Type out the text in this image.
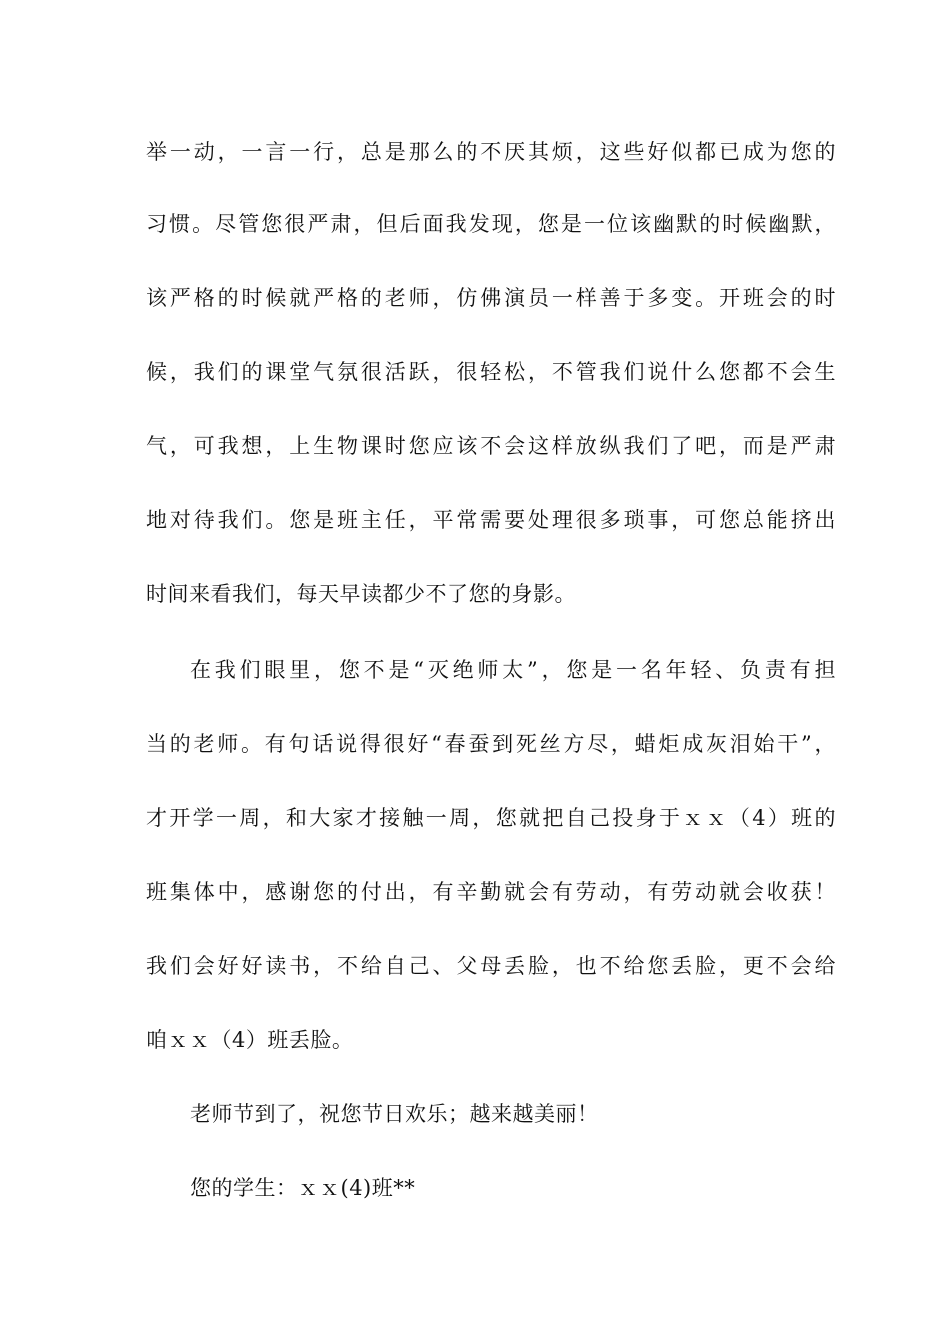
举一动，一言一行，总是那么的不厌其烦，这些好似都已成为您的
习惯。尽管您很严肃，但后面我发现，您是一位该幽默的时候幽默，
该严格的时候就严格的老师，仿佛演员一样善于多变。开班会的时
候，我们的课堂气氛很活跃，很轻松，不管我们说什么您都不会生
气，可我想，上生物课时您应该不会这样放纵我们了吧，而是严肃
地对待我们。您是班主任，平常需要处理很多琐事，可您总能挤出
时间来看我们，每天早读都少不了您的身影。
在我们眼里，您不是“灭绝师太”，您是一名年轻、负责有担
当的老师。有句话说得很好“春蚕到死丝方尽，蜡炬成灰泪始干”，
才开学一周，和大家才接触一周，您就把自己投身于ｘｘ（4）班的
班集体中，感谢您的付出，有辛勤就会有劳动，有劳动就会收获！
我们会好好读书，不给自己、父母丢脸，也不给您丢脸，更不会给
咱ｘｘ（4）班丢脸。
老师节到了，祝您节日欢乐；越来越美丽！
您的学生：ｘｘ(4)班**
